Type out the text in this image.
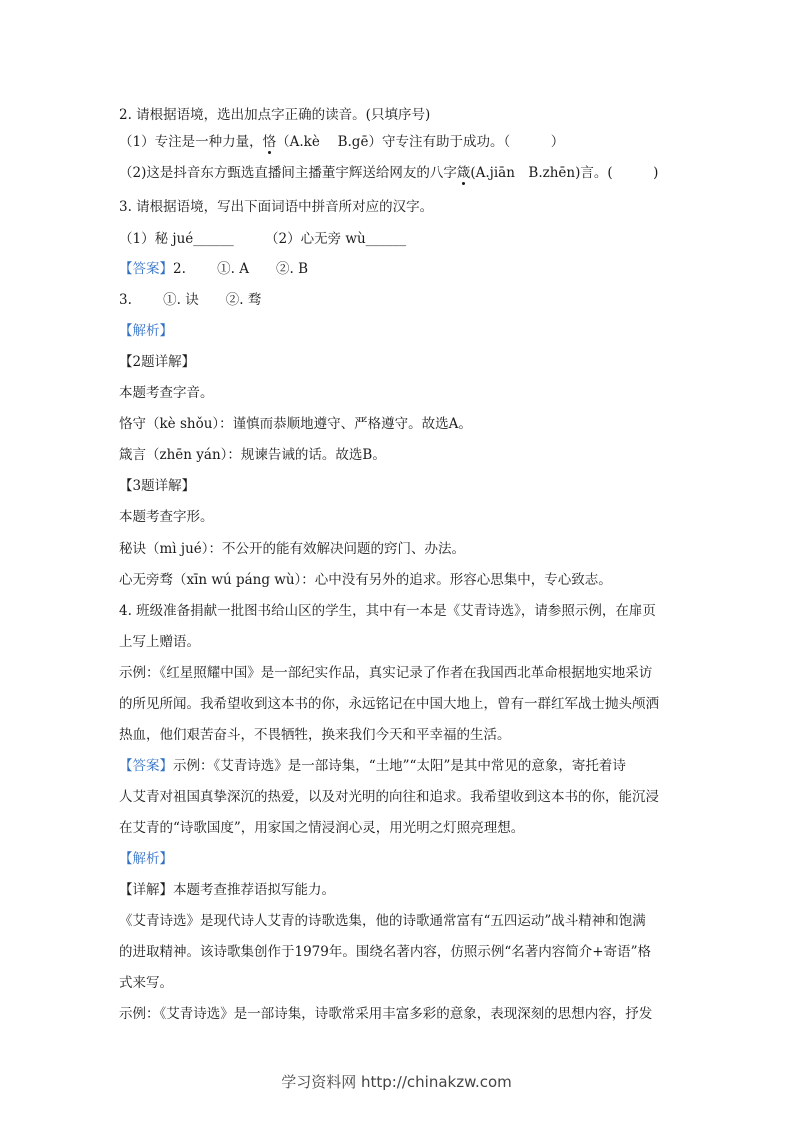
2. 请根据语境，选出加点字正确的读音。(只填序号)
（1）专注是一种力量，恪（A.kè　 B.gē）守专注有助于成功。（　　　）
（2)这是抖音东方甄选直播间主播董宇辉送给网友的八字箴(A.jiān　B.zhēn)言。(　　　)
3. 请根据语境，写出下面词语中拼音所对应的汉字。
（1）秘 jué______　　 （2）心无旁 wù______
【答案】2.　　 ①. A　　②. B
3.　　 ①. 诀　　②. 骛
【解析】
【2题详解】
本题考查字音。
恪守（kè shǒu）：谨慎而恭顺地遵守、严格遵守。故选A。
箴言（zhēn yán）：规谏告诫的话。故选B。
【3题详解】
本题考查字形。
秘诀（mì jué）：不公开的能有效解决问题的窍门、办法。
心无旁骛（xīn wú páng wù）：心中没有另外的追求。形容心思集中，专心致志。
4. 班级准备捐献一批图书给山区的学生，其中有一本是《艾青诗选》，请参照示例，在扉页
上写上赠语。
示例：《红星照耀中国》是一部纪实作品，真实记录了作者在我国西北革命根据地实地采访
的所见所闻。我希望收到这本书的你，永远铭记在中国大地上，曾有一群红军战士抛头颅洒
热血，他们艰苦奋斗，不畏牺牲，换来我们今天和平幸福的生活。
【答案】示例：《艾青诗选》是一部诗集，“土地”“太阳”是其中常见的意象，寄托着诗
人艾青对祖国真挚深沉的热爱，以及对光明的向往和追求。我希望收到这本书的你，能沉浸
在艾青的“诗歌国度”，用家国之情浸润心灵，用光明之灯照亮理想。
【解析】
【详解】本题考查推荐语拟写能力。
《艾青诗选》是现代诗人艾青的诗歌选集，他的诗歌通常富有“五四运动”战斗精神和饱满
的进取精神。该诗歌集创作于1979年。围绕名著内容，仿照示例“名著内容简介+寄语”格
式来写。
示例：《艾青诗选》是一部诗集，诗歌常采用丰富多彩的意象，表现深刻的思想内容，抒发
学习资料网 http://chinakzw.com
